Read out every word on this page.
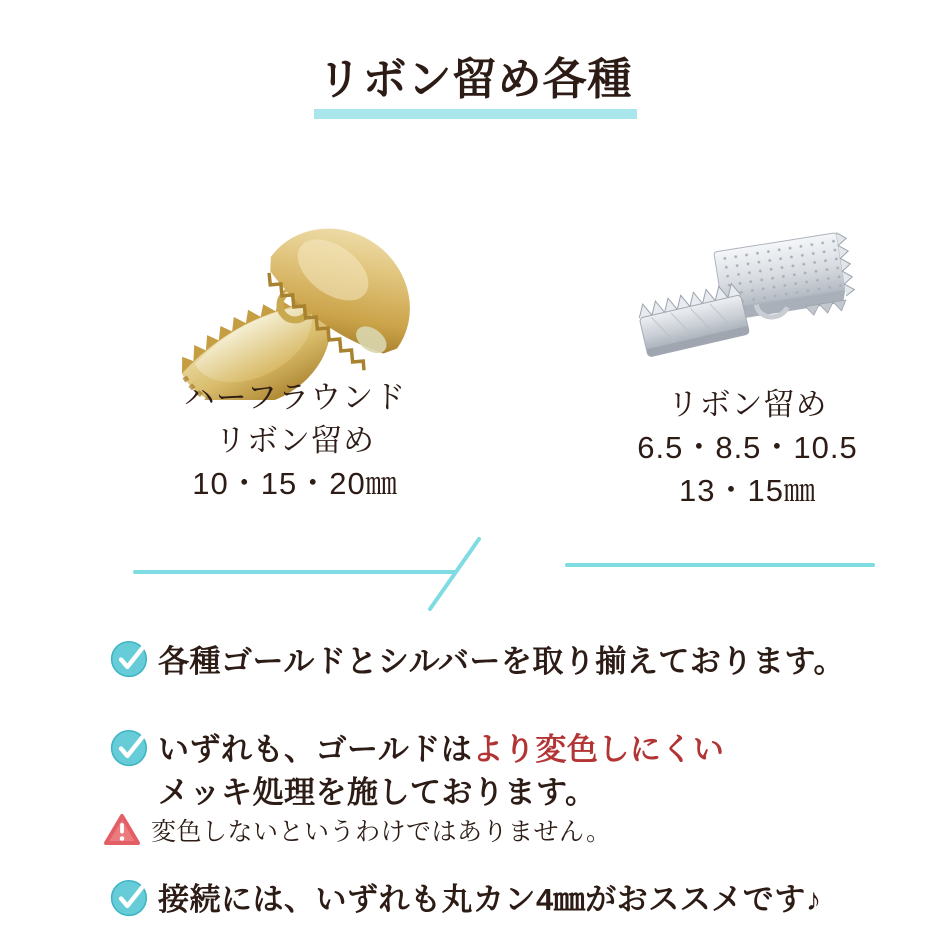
リボン留め各種
ハーフラウンド
リボン留め
10・15・20㎜
リボン留め
6.5・8.5・10.5
13・15㎜
各種ゴールドとシルバーを取り揃えております。
いずれも、ゴールドはより変色しにくい
メッキ処理を施しております。
変色しないというわけではありません。
接続には、いずれも丸カン4㎜がおススメです♪
